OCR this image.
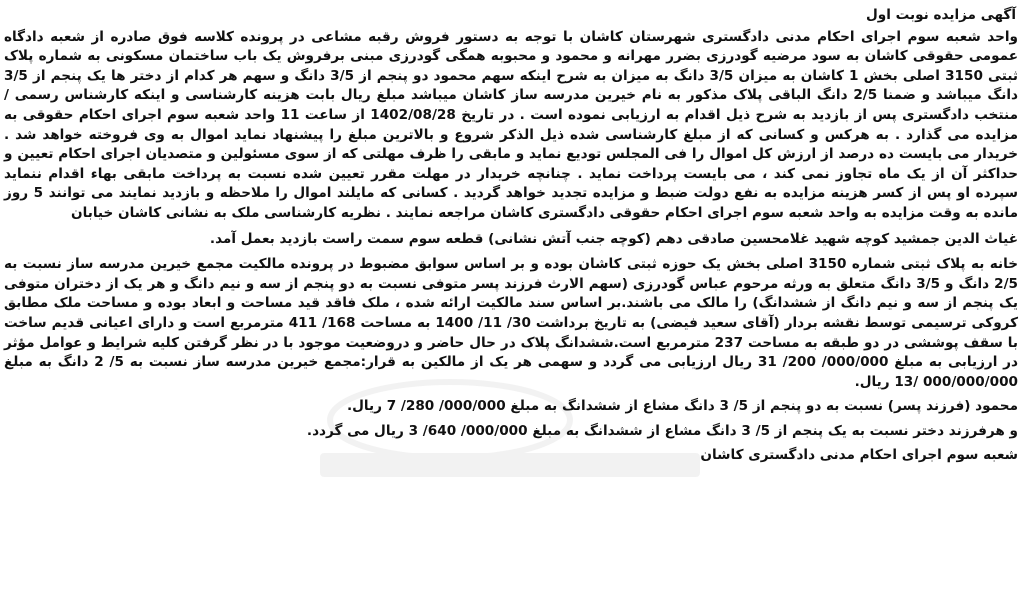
آگهی مزایده نوبت اول

واحد شعبه سوم اجرای احکام مدنی دادگستری شهرستان کاشان با توجه به دستور فروش رقبه مشاعی در پرونده کلاسه فوق صادره از شعبه دادگاه عمومی حقوقی کاشان به سود مرضیه گودرزی بضرر مهرانه و محمود و محبوبه همگی گودرزی مبنی برفروش یک باب ساختمان مسکونی به شماره پلاک ثبتی 3150 اصلی بخش 1 کاشان به میزان 3/5 دانگ به میزان به شرح اینکه سهم محمود دو پنجم از 3/5 دانگ و سهم هر کدام از دختر ها یک پنجم از 3/5 دانگ میباشد و ضمنا 2/5 دانگ الباقی پلاک مذکور به نام خیرین مدرسه ساز کاشان میباشد مبلغ ریال بابت هزینه کارشناسی و اینکه کارشناس رسمی / منتخب دادگستری پس از بازدید به شرح ذیل اقدام به ارزیابی نموده است . در تاریخ 1402/08/28 از ساعت 11 واحد شعبه سوم اجرای احکام حقوقی به مزایده می گذارد . به هرکس و کسانی که از مبلغ کارشناسی شده ذیل الذکر شروع و بالاترین مبلغ را پیشنهاد نماید اموال به وی فروخته خواهد شد . خریدار می بایست ده درصد از ارزش کل اموال را فی المجلس تودیع نماید و مابقی را ظرف مهلتی که از سوی مسئولین و متصدیان اجرای احکام تعیین و حداکثر آن از یک ماه تجاوز نمی کند ، می بایست پرداخت نماید . چنانچه خریدار در مهلت مقرر تعیین شده نسبت به پرداخت مابقی بهاء اقدام ننماید سپرده او پس از کسر هزینه مزایده به نفع دولت ضبط و مزایده تجدید خواهد گردید . کسانی که مایلند اموال را ملاحظه و بازدید نمایند می توانند 5 روز مانده به وقت مزایده به واحد شعبه سوم اجرای احکام حقوقی دادگستری کاشان مراجعه نمایند . نظریه کارشناسی ملک به نشانی کاشان خیابان

غیاث الدین جمشید کوچه شهید غلامحسین صادقی دهم (کوچه جنب آتش نشانی) قطعه سوم سمت راست بازدید بعمل آمد.

خانه به پلاک ثبتی شماره 3150 اصلی بخش یک حوزه ثبتی کاشان بوده و بر اساس سوابق مضبوط در پرونده مالکیت مجمع خیرین مدرسه ساز نسبت به 2/5 دانگ و 3/5 دانگ متعلق به ورثه مرحوم عباس گودرزی (سهم الارث فرزند پسر متوفی نسبت به دو پنجم از سه و نیم دانگ و هر یک از دختران متوفی یک پنجم از سه و نیم دانگ از ششدانگ) را مالک می باشند.بر اساس سند مالکیت ارائه شده ، ملک فاقد قید مساحت و ابعاد بوده و مساحت ملک مطابق کروکی ترسیمی توسط نقشه بردار (آقای سعید فیضی) به تاریخ برداشت 30/ 11/ 1400 به مساحت 168/ 411 مترمربع است و دارای اعیانی قدیم ساخت با سقف پوششی در دو طبقه به مساحت 237 مترمربع است.ششدانگ پلاک در حال حاضر و دروضعیت موجود با در نظر گرفتن کلیه شرایط و عوامل مؤثر در ارزیابی به مبلغ 000/000/ 200/ 31 ریال ارزیابی می گردد و سهمی هر یک از مالکین به قرار:مجمع خیرین مدرسه ساز نسبت به 5/ 2 دانگ به مبلغ 000/000/000 /13 ریال.

محمود (فرزند پسر) نسبت به دو پنجم از 5/ 3 دانگ مشاع از ششدانگ به مبلغ 000/000/ 280/ 7 ریال.

و هرفرزند دختر نسبت به یک پنجم از 5/ 3 دانگ مشاع از ششدانگ به مبلغ 000/000/ 640/ 3 ریال می گردد.

شعبه سوم اجرای احکام مدنی دادگستری کاشان
